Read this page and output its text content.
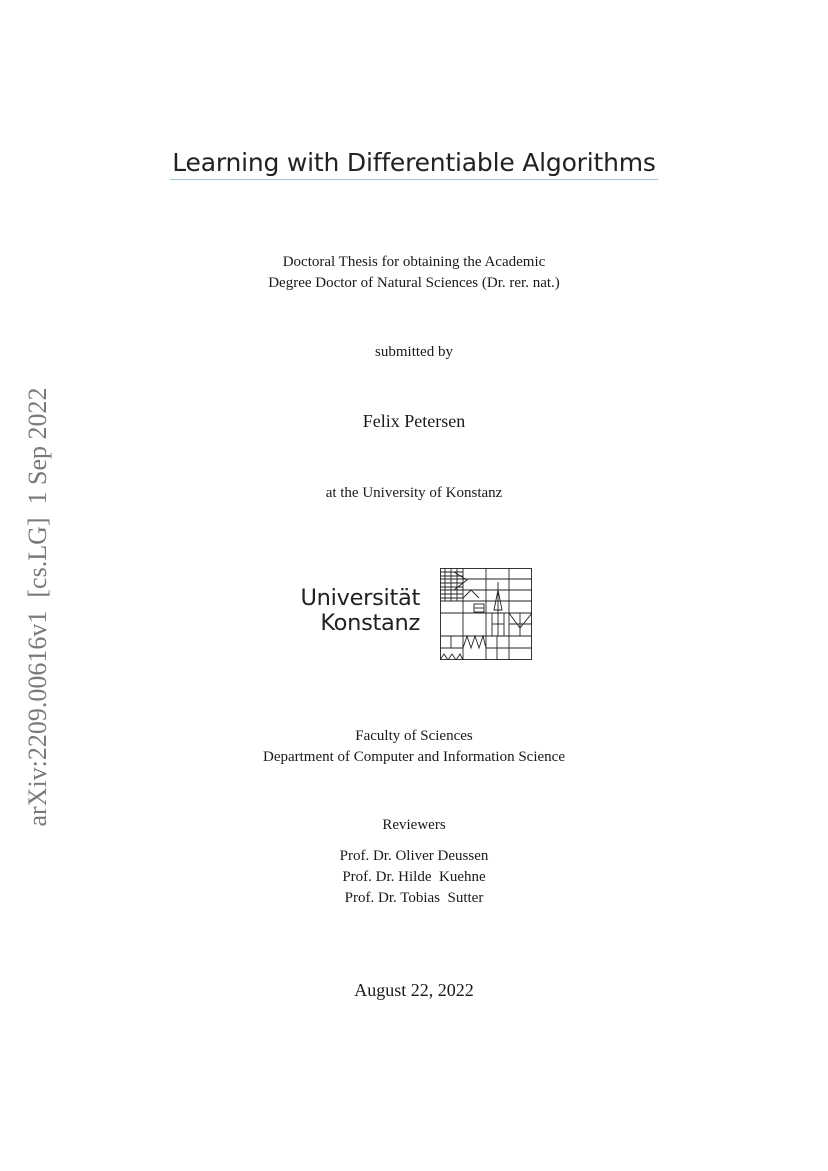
arXiv:2209.00616v1  [cs.LG]  1 Sep 2022
Learning with Differentiable Algorithms
Doctoral Thesis for obtaining the Academic
Degree Doctor of Natural Sciences (Dr. rer. nat.)
submitted by
Felix Petersen
at the University of Konstanz
Universität
Konstanz
Faculty of Sciences
Department of Computer and Information Science
Reviewers
Prof. Dr. Oliver Deussen
Prof. Dr. Hilde  Kuehne
Prof. Dr. Tobias  Sutter
August 22, 2022
